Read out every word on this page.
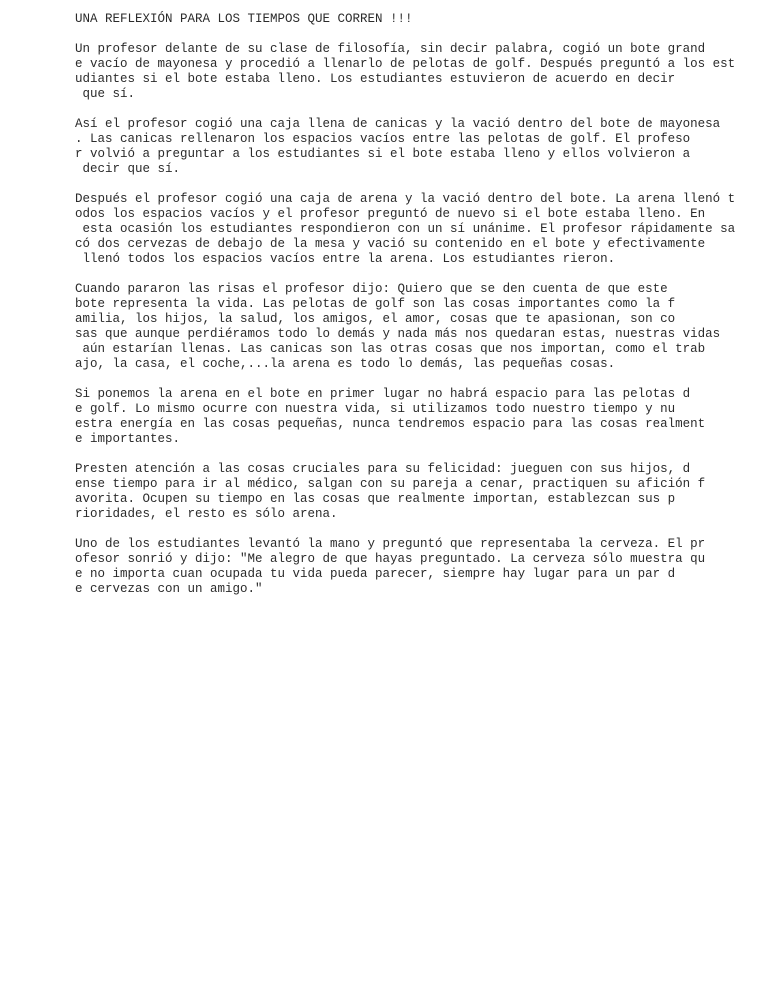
UNA REFLEXIÓN PARA LOS TIEMPOS QUE CORREN !!!
Un profesor delante de su clase de filosofía, sin decir palabra, cogió un bote grand
e vacío de mayonesa y procedió a llenarlo de pelotas de golf. Después preguntó a los est
udiantes si el bote estaba lleno. Los estudiantes estuvieron de acuerdo en decir
que sí.
Así el profesor cogió una caja llena de canicas y la vació dentro del bote de mayonesa
. Las canicas rellenaron los espacios vacíos entre las pelotas de golf. El profeso
r volvió a preguntar a los estudiantes si el bote estaba lleno y ellos volvieron a
decir que sí.
Después el profesor cogió una caja de arena y la vació dentro del bote. La arena llenó t
odos los espacios vacíos y el profesor preguntó de nuevo si el bote estaba lleno. En
esta ocasión los estudiantes respondieron con un sí unánime. El profesor rápidamente sa
có dos cervezas de debajo de la mesa y vació su contenido en el bote y efectivamente
llenó todos los espacios vacíos entre la arena. Los estudiantes rieron.
Cuando pararon las risas el profesor dijo: Quiero que se den cuenta de que este
bote representa la vida. Las pelotas de golf son las cosas importantes como la f
amilia, los hijos, la salud, los amigos, el amor, cosas que te apasionan, son co
sas que aunque perdiéramos todo lo demás y nada más nos quedaran estas, nuestras vidas
aún estarían llenas. Las canicas son las otras cosas que nos importan, como el trab
ajo, la casa, el coche,...la arena es todo lo demás, las pequeñas cosas.
Si ponemos la arena en el bote en primer lugar no habrá espacio para las pelotas d
e golf. Lo mismo ocurre con nuestra vida, si utilizamos todo nuestro tiempo y nu
estra energía en las cosas pequeñas, nunca tendremos espacio para las cosas realment
e importantes.
Presten atención a las cosas cruciales para su felicidad: jueguen con sus hijos, d
ense tiempo para ir al médico, salgan con su pareja a cenar, practiquen su afición f
avorita. Ocupen su tiempo en las cosas que realmente importan, establezcan sus p
rioridades, el resto es sólo arena.
Uno de los estudiantes levantó la mano y preguntó que representaba la cerveza. El pr
ofesor sonrió y dijo: "Me alegro de que hayas preguntado. La cerveza sólo muestra qu
e no importa cuan ocupada tu vida pueda parecer, siempre hay lugar para un par d
e cervezas con un amigo."
